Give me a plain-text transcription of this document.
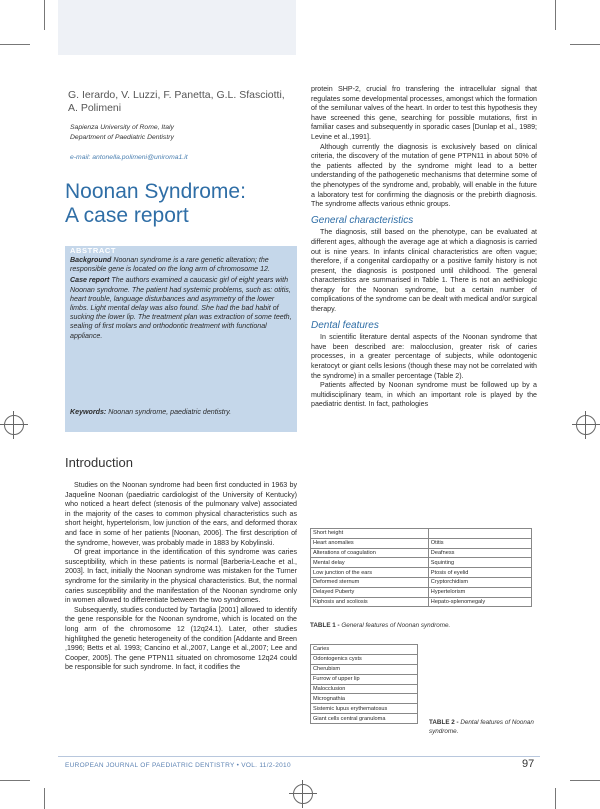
G. Ierardo, V. Luzzi, F. Panetta, G.L. Sfasciotti, A. Polimeni
Sapienza University of Rome, Italy
Department of Paediatric Dentistry
e-mail: antonella.polimeni@uniroma1.it
Noonan Syndrome:
A case report
ABSTRACT

Background Noonan syndrome is a rare genetic alteration; the responsible gene is located on the long arm of chromosome 12.

Case report The authors examined a caucasic girl of eight years with Noonan syndrome. The patient had systemic problems, such as: otitis, heart trouble, language disturbances and asymmetry of the lower limbs. Light mental delay was also found. She had the bad habit of sucking the lower lip. The treatment plan was extraction of some teeth, sealing of first molars and orthodontic treatment with functional appliance.

Keywords: Noonan syndrome, paediatric dentistry.
Introduction

Studies on the Noonan syndrome had been first conducted in 1963 by Jaqueline Noonan (paediatric cardiologist of the University of Kentucky) who noticed a heart defect (stenosis of the pulmonary valve) associated in the majority of the cases to common physical characteristics such as short height, hypertelorism, low junction of the ears, and deformed thorax and face in some of her patients [Noonan, 2006]. The first description of the syndrome, however, was probably made in 1883 by Kobylinski.

Of great importance in the identification of this syndrome was caries susceptibility, which in these patients is normal [Barberia-Leache et al., 2003]. In fact, initially the Noonan syndrome was mistaken for the Turner syndrome for the similarity in the physical characteristics. But, the normal caries susceptibility and the manifestation of the Noonan syndrome only in women allowed to differentiate between the two syndromes.

Subsequently, studies conducted by Tartaglia [2001] allowed to identify the gene responsible for the Noonan syndrome, which is located on the long arm of the chromosome 12 (12q24.1). Later, other studies highlitghed the genetic heterogeneity of the condition [Addante and Breen ,1996; Betts et al. 1993; Cancino et al.,2007, Lange et al.,2007; Lee and Cooper, 2005]. The gene PTPN11 situated on chromosome 12q24 could be responsible for such syndrome. In fact, it codifies the

protein SHP-2, crucial fro transfering the intracellular signal that regulates some developmental processes, amongst which the formation of the semilunar valves of the heart. In order to test this hypothesis they have screened this gene, searching for possible mutations, first in familiar cases and subsequently in sporadic cases [Dunlap et al., 1989; Levine et al.,1991].

Although currently the diagnosis is exclusively based on clinical criteria, the discovery of the mutation of gene PTPN11 in about 50% of the patients affected by the syndrome might lead to a better understanding of the pathogenetic mechanisms that determine some of the phenotypes of the syndrome and, probably, will enable in the future a laboratory test for confirming the diagnosis or the prebirth diagnosis. The syndrome affects various ethnic groups.

General characteristics

The diagnosis, still based on the phenotype, can be evaluated at different ages, although the average age at which a diagnosis is carried out is nine years. In infants clinical characteristics are often vague; therefore, if a congenital cardiopathy or a positive family history is not present, the diagnosis is postponed until childhood. The general characteristics are summarised in Table 1. There is not an aethiologic therapy for the Noonan syndrome, but a certain number of complications of the syndrome can be dealt with medical and/or surgical therapy.

Dental features

In scientific literature dental aspects of the Noonan syndrome that have been described are: malocclusion, greater risk of caries processes, in a greater percentage of subjects, while odontogenic keratocyt or giant cells lesions (though these may not be correlated with the syndrome) in a smaller percentage (Table 2).

Patients affected by Noonan syndrome must be followed up by a multidisciplinary team, in which an important role is played by the paediatric dentist. In fact, pathologies

Short height	
Heart anomalies	Otitis
Alterations of coagulation	Deafness
Mental delay	Squinting
Low junction of the ears	Ptosis of eyelid
Deformed sternum	Cryptorchidism
Delayed Puberty	Hypertelorism
Kiphosis and scoliosis	Hepato-splenomegaly
TABLE 1 - General features of Noonan syndrome.
Caries
Odontogenics cysts
Cherubism
Furrow of upper lip
Malocclusion
Micrognathia
Sistemic lupus erythematosus
Giant cells central granuloma
TABLE 2 - Dental features of Noonan syndrome.
EUROPEAN JOURNAL OF PAEDIATRIC DENTISTRY • VOL. 11/2-2010	97
